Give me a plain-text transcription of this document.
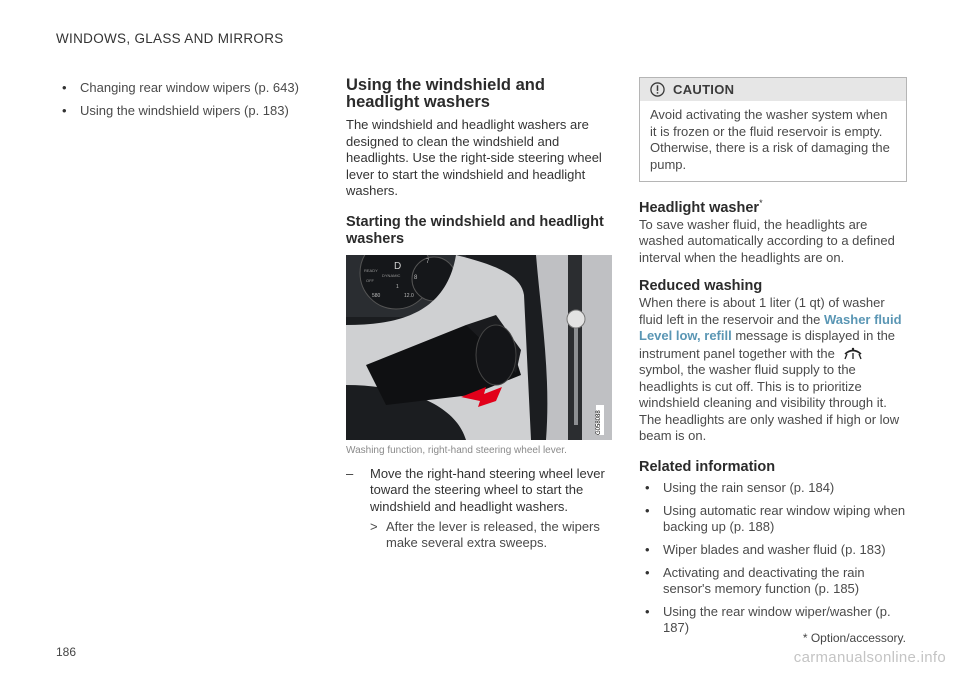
WINDOWS, GLASS AND MIRRORS
• Changing rear window wipers (p. 643)
• Using the windshield wipers (p. 183)
Using the windshield and headlight washers

The windshield and headlight washers are designed to clean the windshield and headlights. Use the right-side steering wheel lever to start the windshield and headlight washers.

Starting the windshield and headlight washers
D
DYNAMIC
READY
OFF
7
8
1
580	12.0
G058088
Washing function, right-hand steering wheel lever.
– Move the right-hand steering wheel lever toward the steering wheel to start the windshield and headlight washers.
> After the lever is released, the wipers make several extra sweeps.
CAUTION
Avoid activating the washer system when it is frozen or the fluid reservoir is empty. Otherwise, there is a risk of damaging the pump.
Headlight washer*

To save washer fluid, the headlights are washed automatically according to a defined interval when the headlights are on.

Reduced washing

When there is about 1 liter (1 qt) of washer fluid left in the reservoir and the Washer fluid Level low, refill message is displayed in the instrument panel together with the  symbol, the washer fluid supply to the headlights is cut off. This is to prioritize windshield cleaning and visibility through it. The headlights are only washed if high or low beam is on.

Related information
• Using the rain sensor (p. 184)
• Using automatic rear window wiping when backing up (p. 188)
• Wiper blades and washer fluid (p. 183)
• Activating and deactivating the rain sensor's memory function (p. 185)
• Using the rear window wiper/washer (p. 187)
* Option/accessory.
186	carmanualsonline.info
